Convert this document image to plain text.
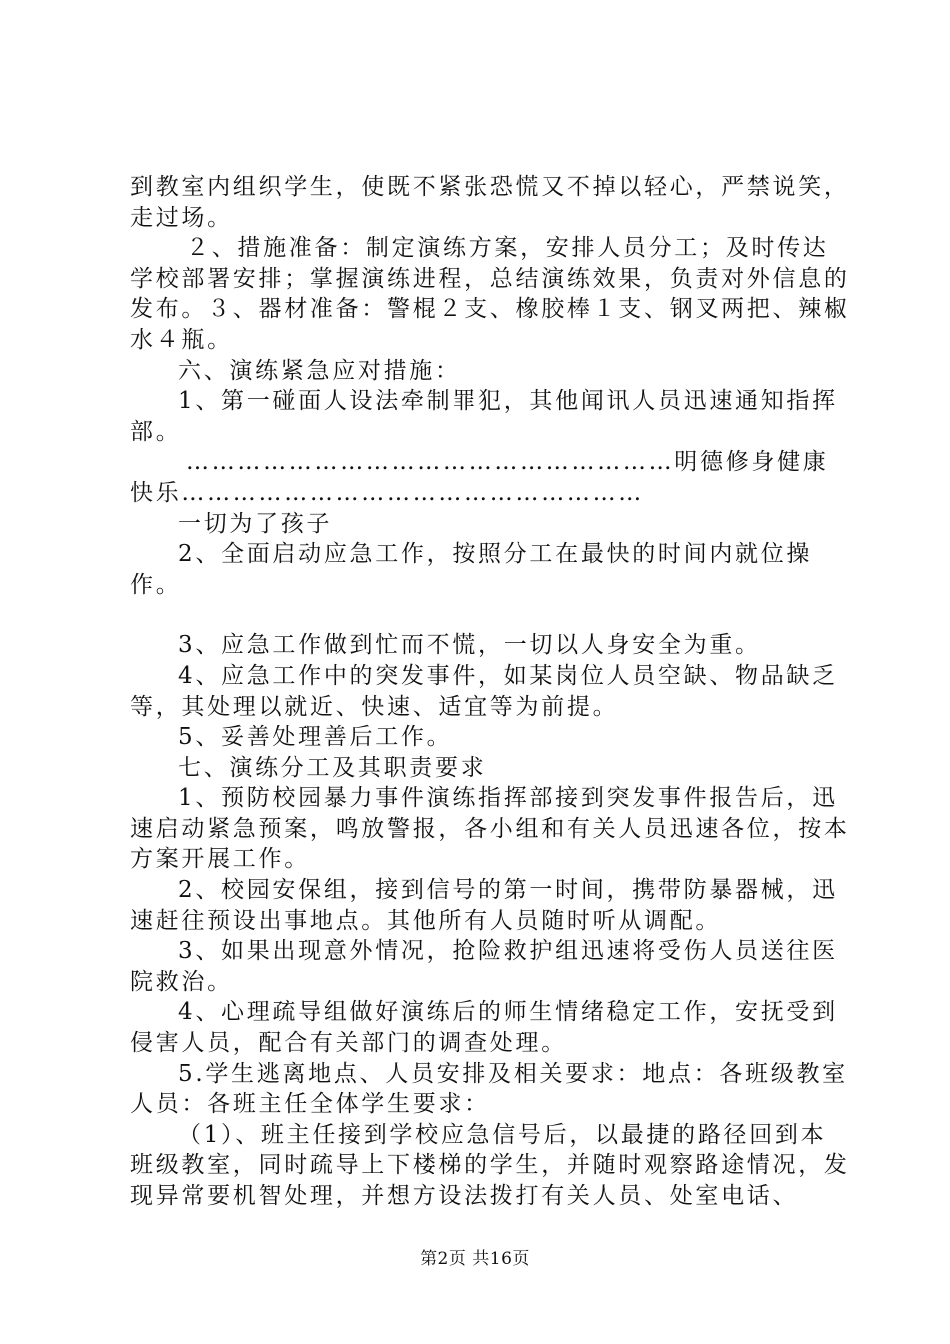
到教室内组织学生，使既不紧张恐慌又不掉以轻心，严禁说笑，走过场。

２、措施准备：制定演练方案，安排人员分工；及时传达学校部署安排；掌握演练进程，总结演练效果，负责对外信息的发布。３、器材准备：警棍２支、橡胶棒１支、钢叉两把、辣椒水４瓶。

六、演练紧急应对措施：

1、第一碰面人设法牵制罪犯，其他闻讯人员迅速通知指挥部。

…………………………………………………明德修身健康快乐………………………………………………

一切为了孩子

2、全面启动应急工作，按照分工在最快的时间内就位操作。

3、应急工作做到忙而不慌，一切以人身安全为重。

4、应急工作中的突发事件，如某岗位人员空缺、物品缺乏等，其处理以就近、快速、适宜等为前提。

5、妥善处理善后工作。

七、演练分工及其职责要求

1、预防校园暴力事件演练指挥部接到突发事件报告后，迅速启动紧急预案，鸣放警报，各小组和有关人员迅速各位，按本方案开展工作。

2、校园安保组，接到信号的第一时间，携带防暴器械，迅速赶往预设出事地点。其他所有人员随时听从调配。

3、如果出现意外情况，抢险救护组迅速将受伤人员送往医院救治。

4、心理疏导组做好演练后的师生情绪稳定工作，安抚受到侵害人员，配合有关部门的调查处理。

5.学生逃离地点、人员安排及相关要求：地点：各班级教室人员：各班主任全体学生要求：

（1）、班主任接到学校应急信号后，以最捷的路径回到本班级教室，同时疏导上下楼梯的学生，并随时观察路途情况，发现异常要机智处理，并想方设法拨打有关人员、处室电话、

第2页 共16页
